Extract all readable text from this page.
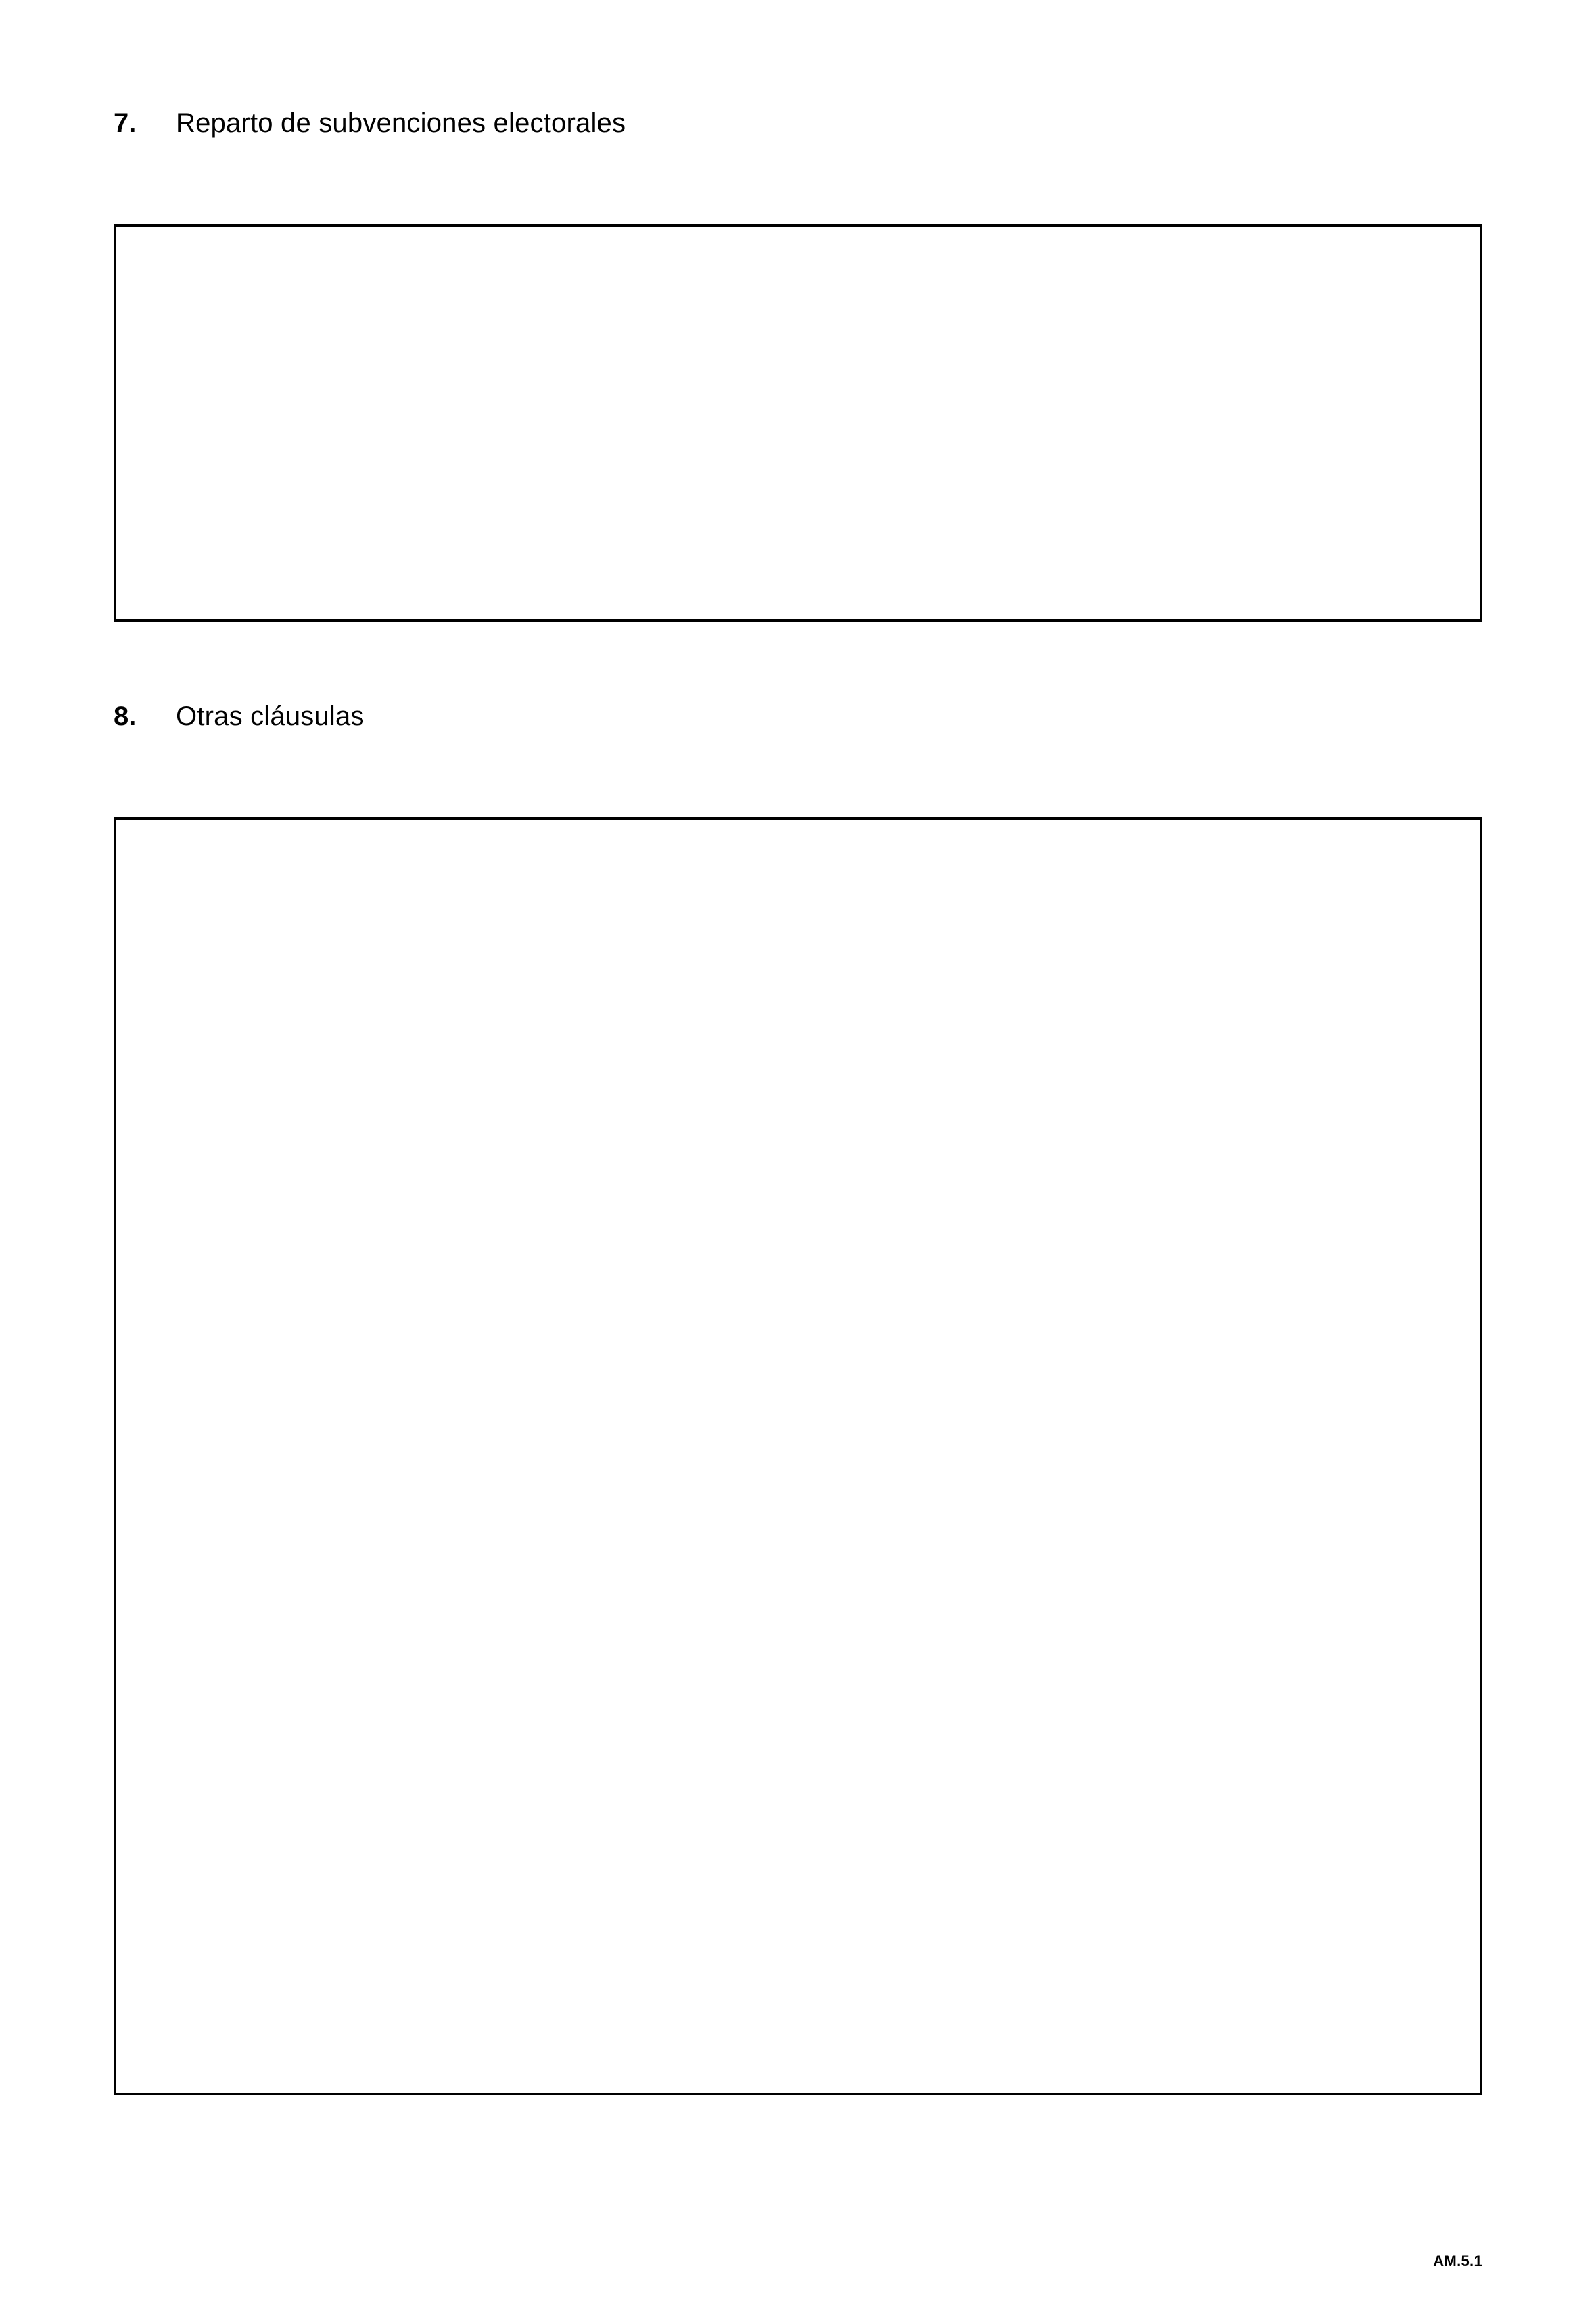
7.	Reparto de subvenciones electorales
8.	Otras cláusulas
AM.5.1
